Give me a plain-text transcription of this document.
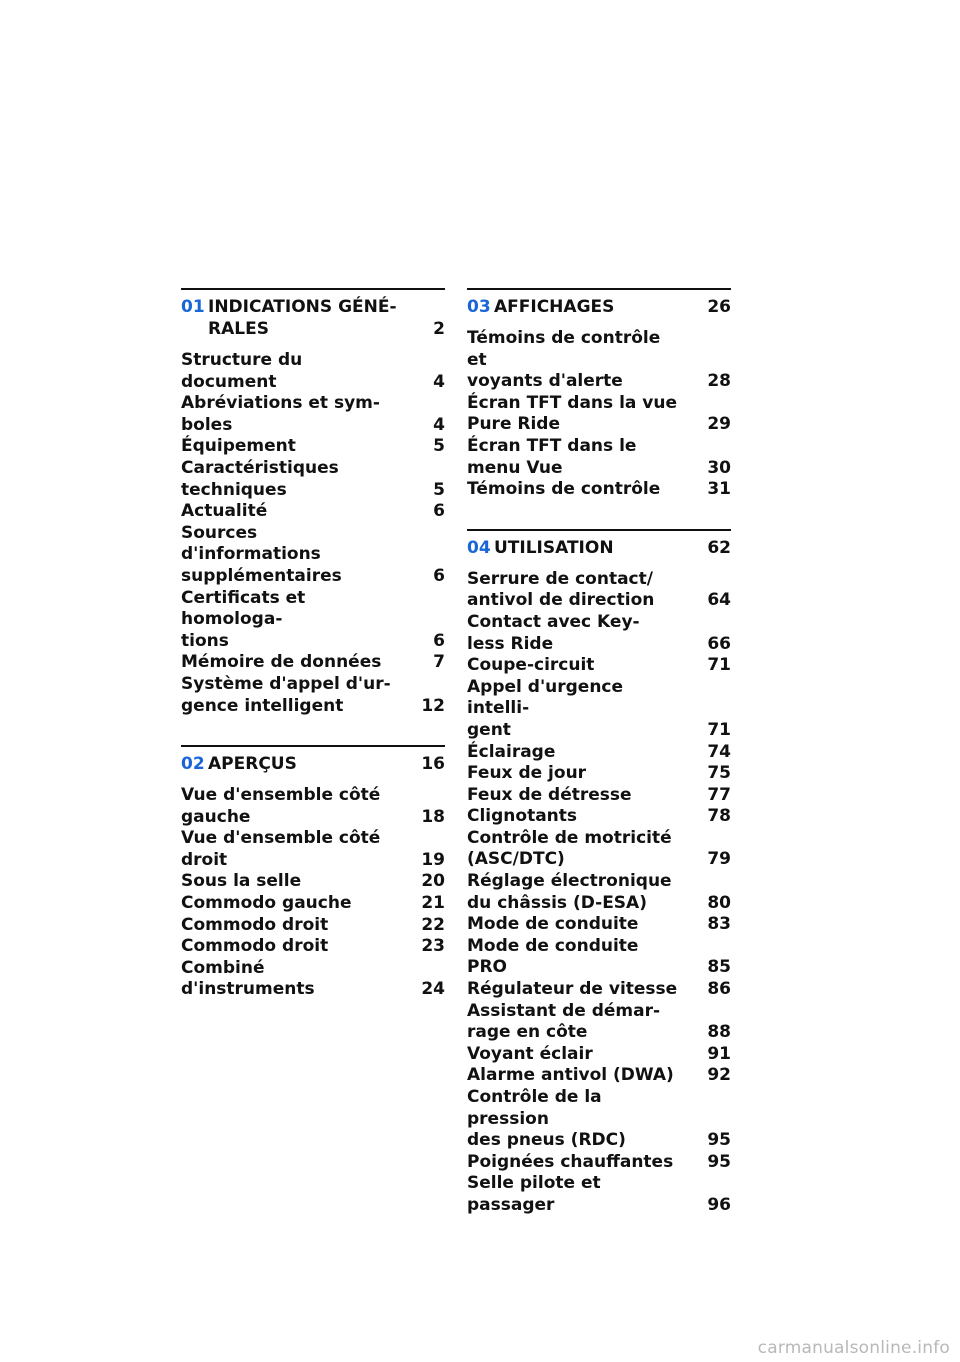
01 INDICATIONS GÉNÉ-
RALES	2
Structure du document	4
Abréviations et sym-
boles	4
Équipement	5
Caractéristiques
techniques	5
Actualité	6
Sources d'informations
supplémentaires	6
Certificats et homologa-
tions	6
Mémoire de données	7
Système d'appel d'ur-
gence intelligent	12
02 APERÇUS	16
Vue d'ensemble côté
gauche	18
Vue d'ensemble côté
droit	19
Sous la selle	20
Commodo gauche	21
Commodo droit	22
Commodo droit	23
Combiné d'instruments	24
03 AFFICHAGES	26
Témoins de contrôle et
voyants d'alerte	28
Écran TFT dans la vue
Pure Ride	29
Écran TFT dans le
menu Vue	30
Témoins de contrôle	31
04 UTILISATION	62
Serrure de contact/
antivol de direction	64
Contact avec Key-
less Ride	66
Coupe-circuit	71
Appel d'urgence intelli-
gent	71
Éclairage	74
Feux de jour	75
Feux de détresse	77
Clignotants	78
Contrôle de motricité
(ASC/DTC)	79
Réglage électronique
du châssis (D-ESA)	80
Mode de conduite	83
Mode de conduite PRO	85
Régulateur de vitesse	86
Assistant de démar-
rage en côte	88
Voyant éclair	91
Alarme antivol (DWA)	92
Contrôle de la pression
des pneus (RDC)	95
Poignées chauffantes	95
Selle pilote et passager	96
carmanualsonline.info
